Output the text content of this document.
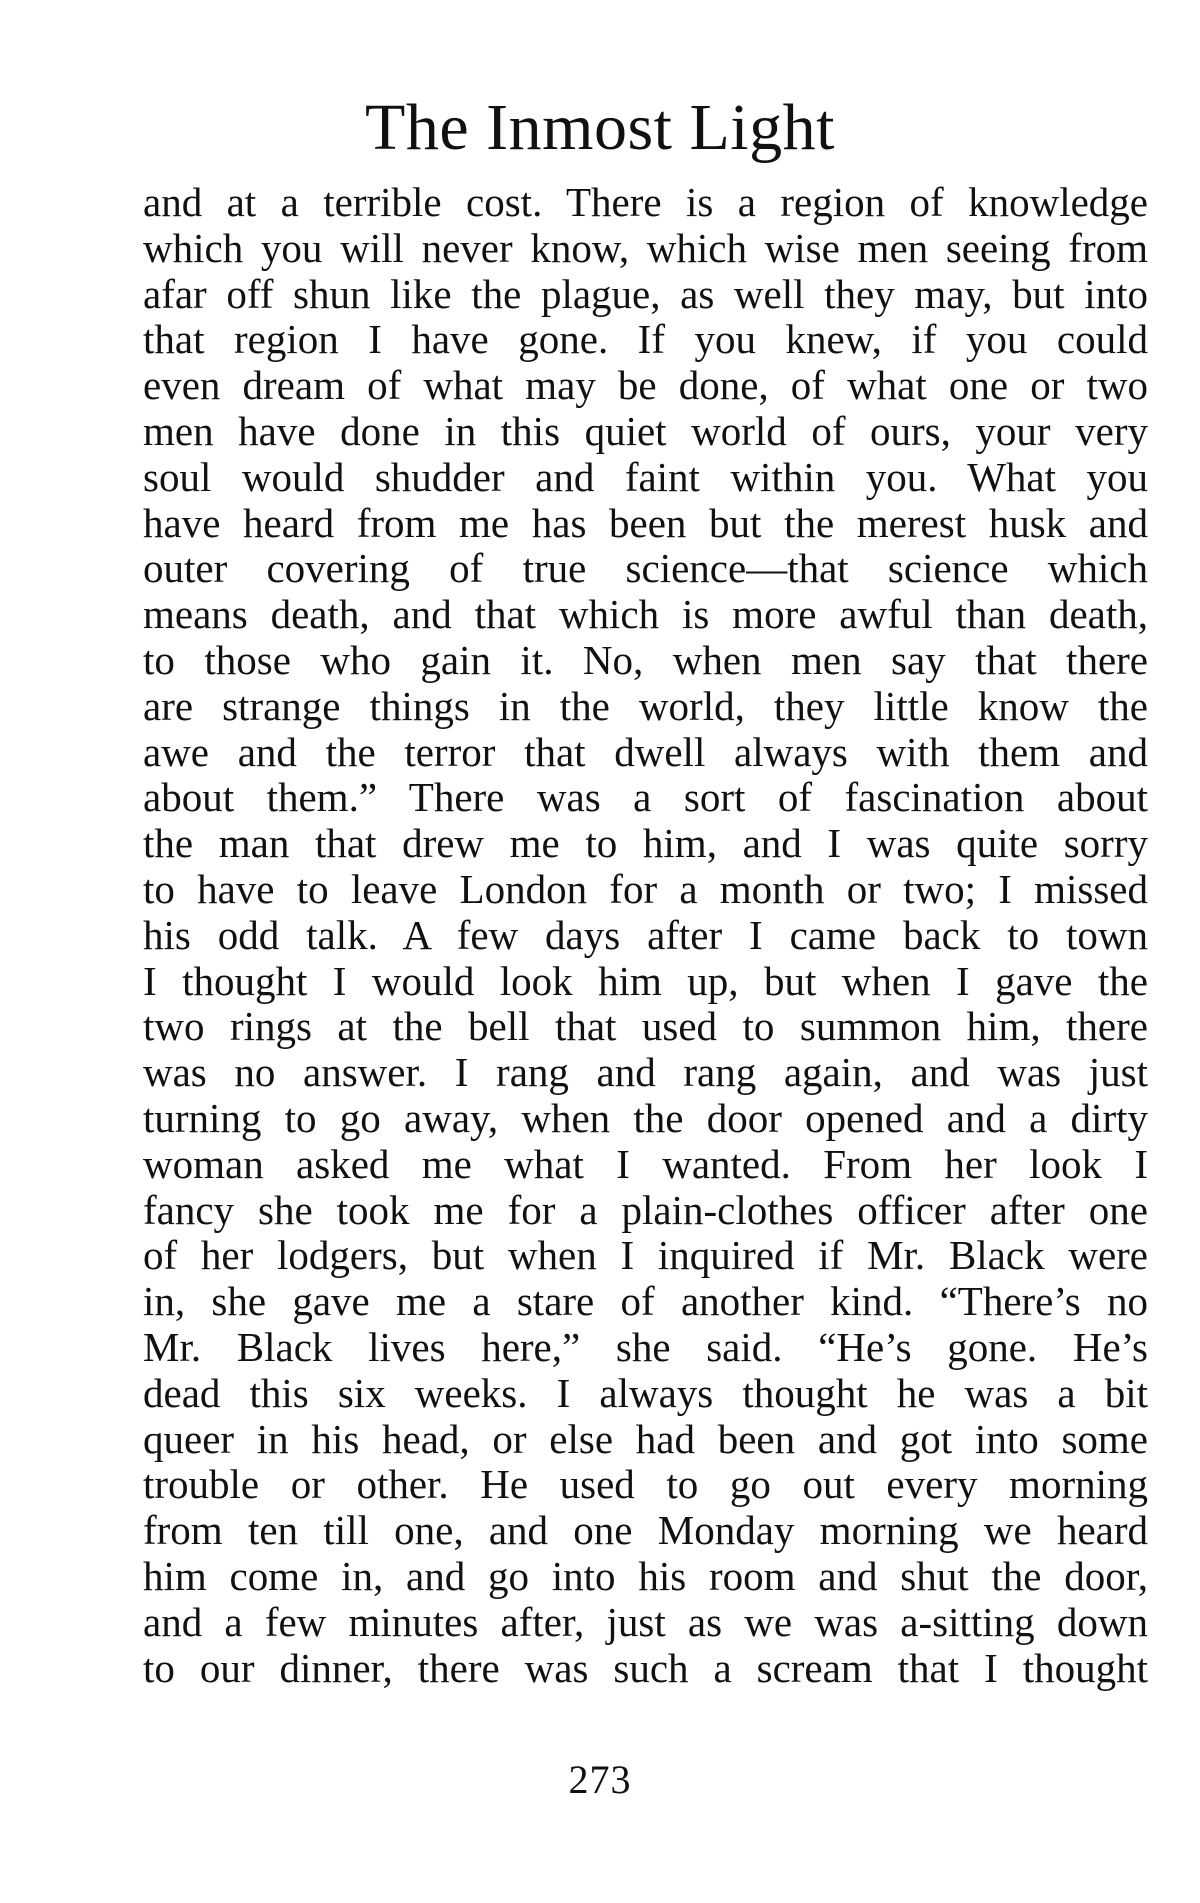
The Inmost Light
and at a terrible cost. There is a region of knowledge
which you will never know, which wise men seeing from
afar off shun like the plague, as well they may, but into
that region I have gone. If you knew, if you could
even dream of what may be done, of what one or two
men have done in this quiet world of ours, your very
soul would shudder and faint within you. What you
have heard from me has been but the merest husk and
outer covering of true science—that science which
means death, and that which is more awful than death,
to those who gain it. No, when men say that there
are strange things in the world, they little know the
awe and the terror that dwell always with them and
about them.” There was a sort of fascination about
the man that drew me to him, and I was quite sorry
to have to leave London for a month or two; I missed
his odd talk. A few days after I came back to town
I thought I would look him up, but when I gave the
two rings at the bell that used to summon him, there
was no answer. I rang and rang again, and was just
turning to go away, when the door opened and a dirty
woman asked me what I wanted. From her look I
fancy she took me for a plain-clothes officer after one
of her lodgers, but when I inquired if Mr. Black were
in, she gave me a stare of another kind. “There’s no
Mr. Black lives here,” she said. “He’s gone. He’s
dead this six weeks. I always thought he was a bit
queer in his head, or else had been and got into some
trouble or other. He used to go out every morning
from ten till one, and one Monday morning we heard
him come in, and go into his room and shut the door,
and a few minutes after, just as we was a-sitting down
to our dinner, there was such a scream that I thought
273
